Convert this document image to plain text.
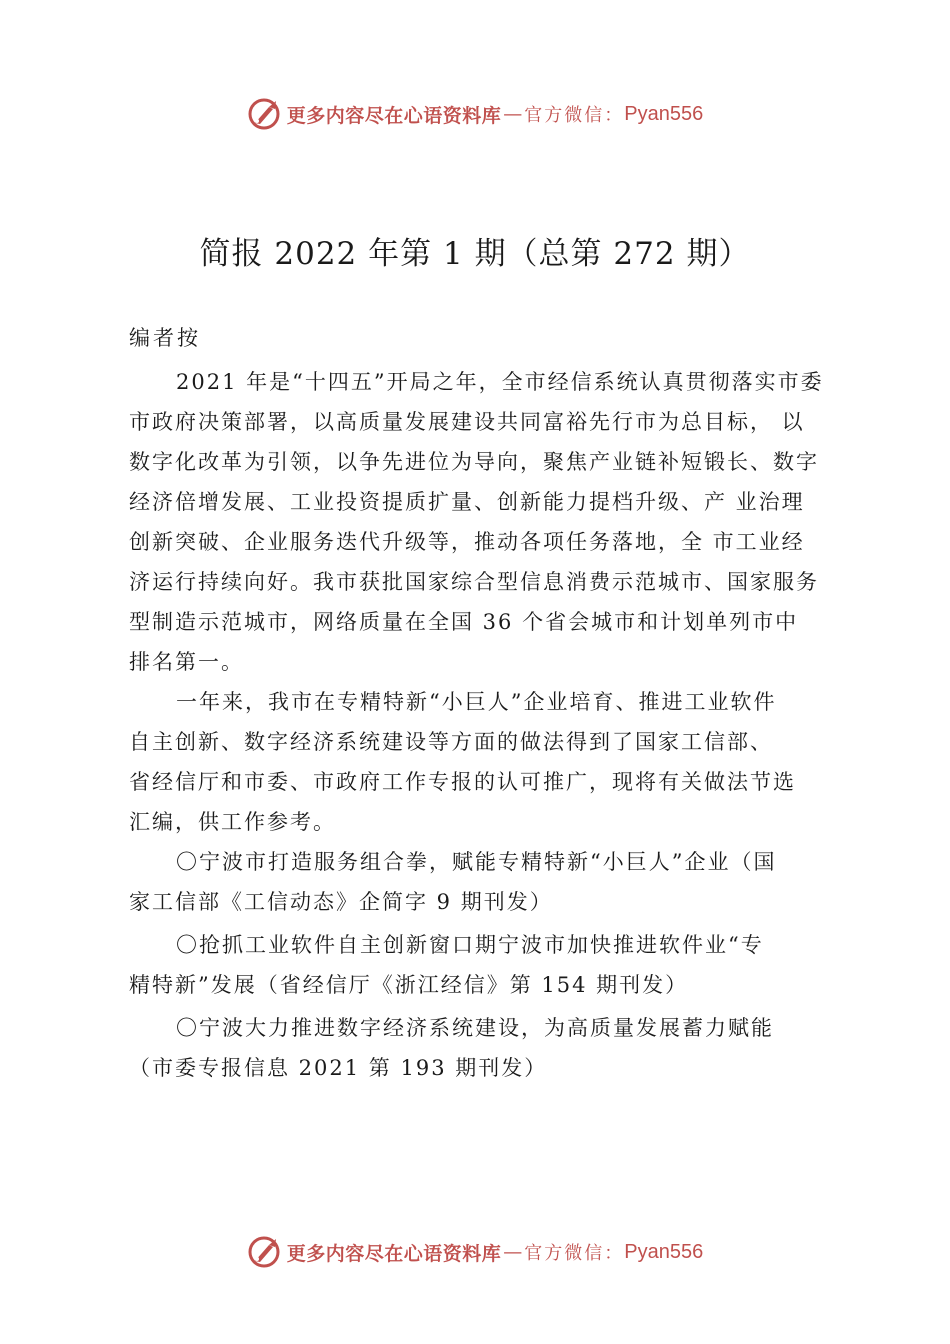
更多内容尽在心语资料库 — 官方微信： Pyan556
简报 2022 年第 1 期（总第 272 期）
编者按
2021 年是“十四五”开局之年，全市经信系统认真贯彻落实市委
市政府决策部署，以高质量发展建设共同富裕先行市为总目标， 以
数字化改革为引领，以争先进位为导向，聚焦产业链补短锻长、数字
经济倍增发展、工业投资提质扩量、创新能力提档升级、产 业治理
创新突破、企业服务迭代升级等，推动各项任务落地，全 市工业经
济运行持续向好。我市获批国家综合型信息消费示范城市、国家服务
型制造示范城市，网络质量在全国 36 个省会城市和计划单列市中
排名第一。
一年来，我市在专精特新“小巨人”企业培育、推进工业软件
自主创新、数字经济系统建设等方面的做法得到了国家工信部、
省经信厅和市委、市政府工作专报的认可推广，现将有关做法节选
汇编，供工作参考。
〇宁波市打造服务组合拳，赋能专精特新“小巨人”企业（国
家工信部《工信动态》企简字 9 期刊发）
〇抢抓工业软件自主创新窗口期宁波市加快推进软件业“专
精特新”发展（省经信厅《浙江经信》第 154 期刊发）
〇宁波大力推进数字经济系统建设，为高质量发展蓄力赋能
（市委专报信息 2021 第 193 期刊发）
更多内容尽在心语资料库 — 官方微信： Pyan556
